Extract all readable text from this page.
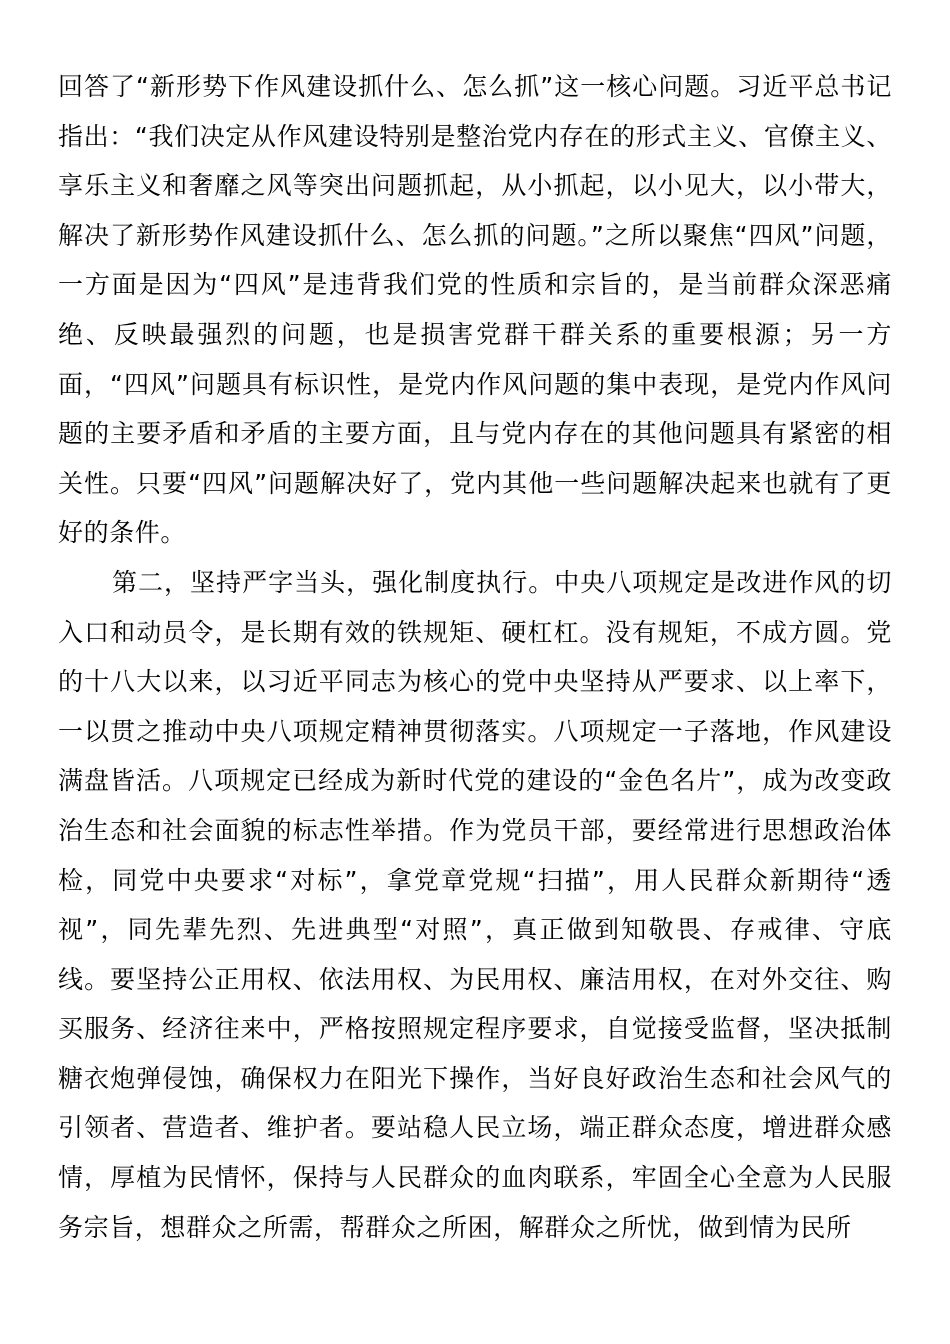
回答了“新形势下作风建设抓什么、怎么抓”这一核心问题。习近平总书记指出：“我们决定从作风建设特别是整治党内存在的形式主义、官僚主义、享乐主义和奢靡之风等突出问题抓起，从小抓起，以小见大，以小带大，解决了新形势作风建设抓什么、怎么抓的问题。”之所以聚焦“四风”问题，一方面是因为“四风”是违背我们党的性质和宗旨的，是当前群众深恶痛绝、反映最强烈的问题，也是损害党群干群关系的重要根源；另一方面，“四风”问题具有标识性，是党内作风问题的集中表现，是党内作风问题的主要矛盾和矛盾的主要方面，且与党内存在的其他问题具有紧密的相关性。只要“四风”问题解决好了，党内其他一些问题解决起来也就有了更好的条件。

第二，坚持严字当头，强化制度执行。中央八项规定是改进作风的切入口和动员令，是长期有效的铁规矩、硬杠杠。没有规矩，不成方圆。党的十八大以来，以习近平同志为核心的党中央坚持从严要求、以上率下，一以贯之推动中央八项规定精神贯彻落实。八项规定一子落地，作风建设满盘皆活。八项规定已经成为新时代党的建设的“金色名片”，成为改变政治生态和社会面貌的标志性举措。作为党员干部，要经常进行思想政治体检，同党中央要求“对标”，拿党章党规“扫描”，用人民群众新期待“透视”，同先辈先烈、先进典型“对照”，真正做到知敬畏、存戒律、守底线。要坚持公正用权、依法用权、为民用权、廉洁用权，在对外交往、购买服务、经济往来中，严格按照规定程序要求，自觉接受监督，坚决抵制糖衣炮弹侵蚀，确保权力在阳光下操作，当好良好政治生态和社会风气的引领者、营造者、维护者。要站稳人民立场，端正群众态度，增进群众感情，厚植为民情怀，保持与人民群众的血肉联系，牢固全心全意为人民服务宗旨，想群众之所需，帮群众之所困，解群众之所忧，做到情为民所
